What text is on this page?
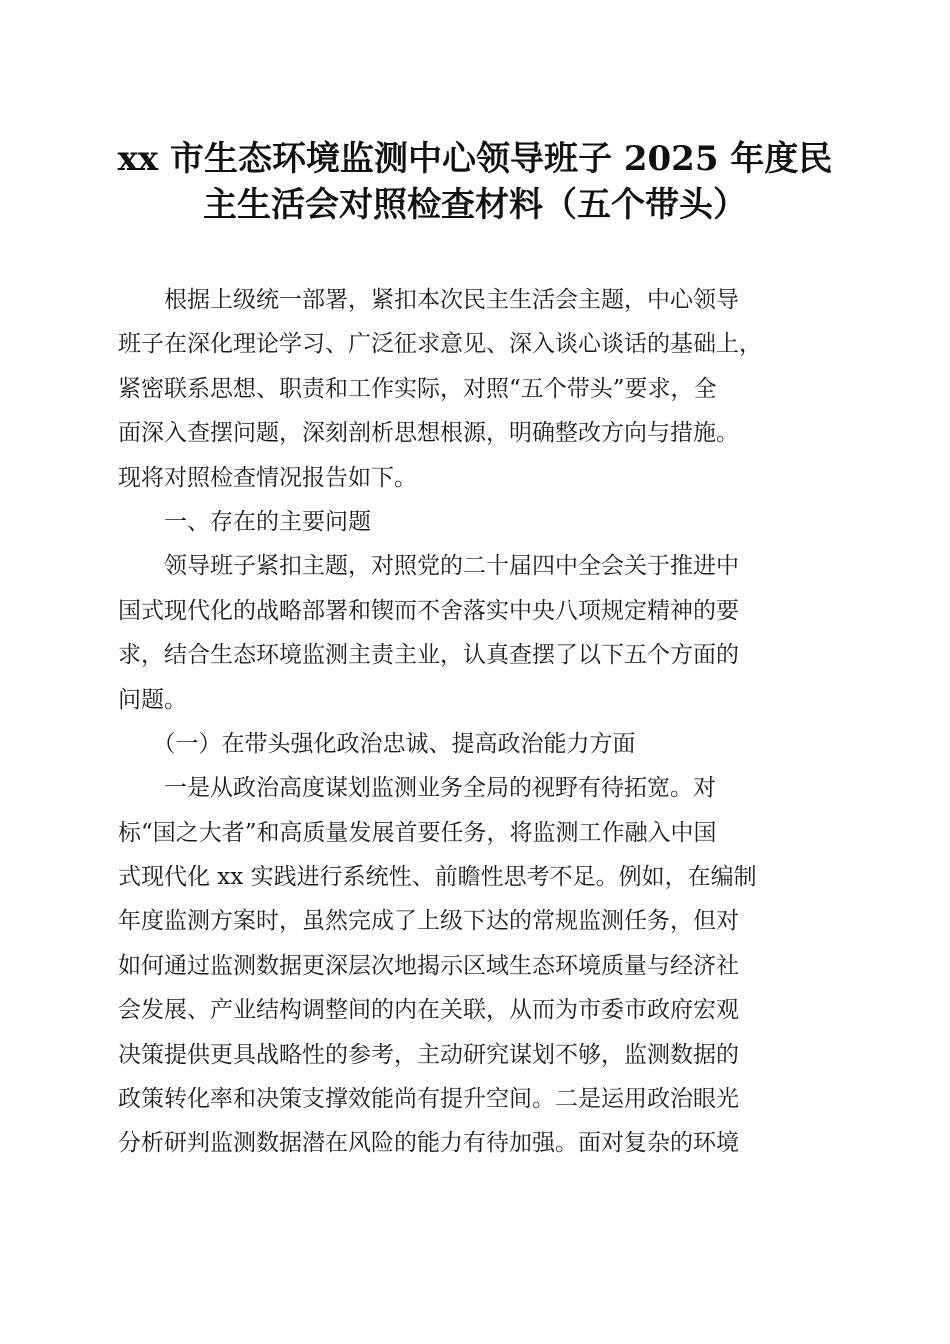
xx 市生态环境监测中心领导班子 2025 年度民
主生活会对照检查材料（五个带头）
　　根据上级统一部署，紧扣本次民主生活会主题，中心领导
班子在深化理论学习、广泛征求意见、深入谈心谈话的基础上，
紧密联系思想、职责和工作实际，对照“五个带头”要求，全
面深入查摆问题，深刻剖析思想根源，明确整改方向与措施。
现将对照检查情况报告如下。
　　一、存在的主要问题
　　领导班子紧扣主题，对照党的二十届四中全会关于推进中
国式现代化的战略部署和锲而不舍落实中央八项规定精神的要
求，结合生态环境监测主责主业，认真查摆了以下五个方面的
问题。
　　（一）在带头强化政治忠诚、提高政治能力方面
　　一是从政治高度谋划监测业务全局的视野有待拓宽。对
标“国之大者”和高质量发展首要任务，将监测工作融入中国
式现代化 xx 实践进行系统性、前瞻性思考不足。例如，在编制
年度监测方案时，虽然完成了上级下达的常规监测任务，但对
如何通过监测数据更深层次地揭示区域生态环境质量与经济社
会发展、产业结构调整间的内在关联，从而为市委市政府宏观
决策提供更具战略性的参考，主动研究谋划不够，监测数据的
政策转化率和决策支撑效能尚有提升空间。二是运用政治眼光
分析研判监测数据潜在风险的能力有待加强。面对复杂的环境
